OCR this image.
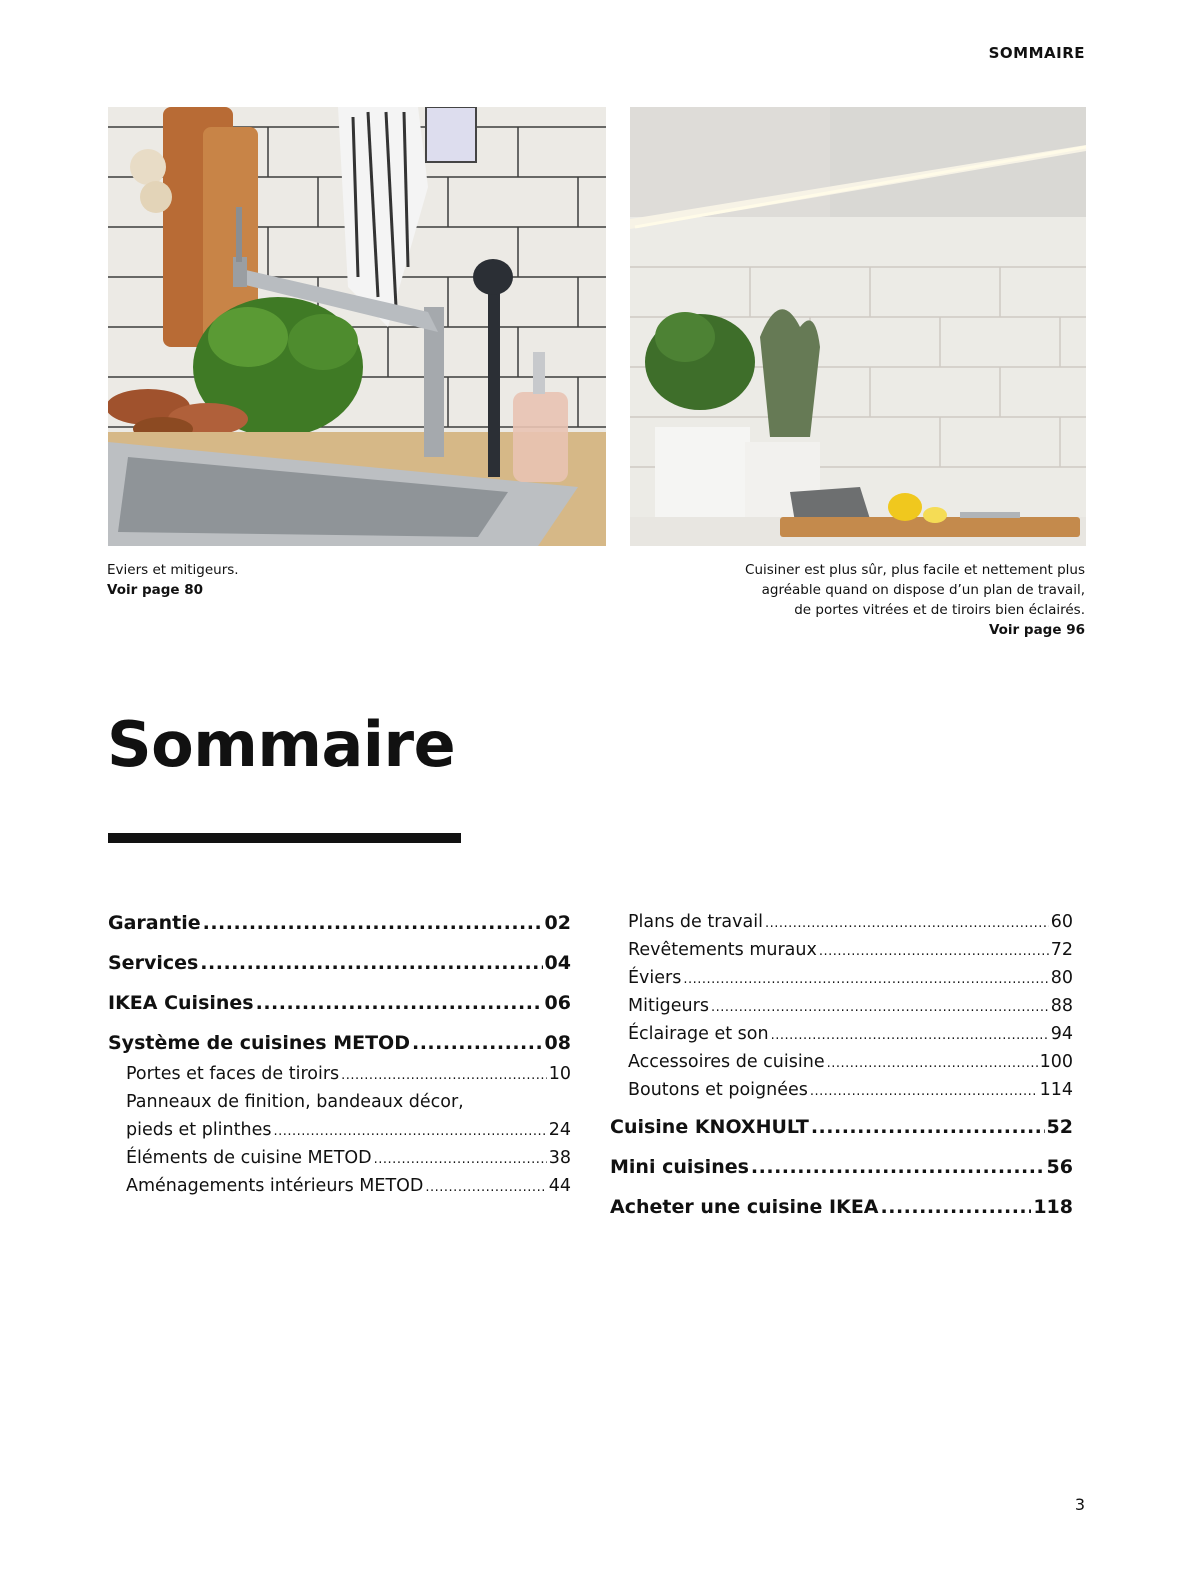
SOMMAIRE
Eviers et mitigeurs.
Voir page 80
Cuisiner est plus sûr, plus facile et nettement plus
agréable quand on dispose d’un plan de travail,
de portes vitrées et de tiroirs bien éclairés.
Voir page 96
Sommaire
Garantie .....	02
Services .....	04
IKEA Cuisines .....	06
Système de cuisines METOD .....	08
Portes et faces de tiroirs .....	10
Panneaux de finition, bandeaux décor,
pieds et plinthes .....	24
Éléments de cuisine METOD .....	38
Aménagements intérieurs METOD .....	44
Plans de travail .....	60
Revêtements muraux .....	72
Éviers .....	80
Mitigeurs .....	88
Éclairage et son .....	94
Accessoires de cuisine .....	100
Boutons et poignées .....	114
Cuisine KNOXHULT .....	52
Mini cuisines .....	56
Acheter une cuisine IKEA .....	118
3
